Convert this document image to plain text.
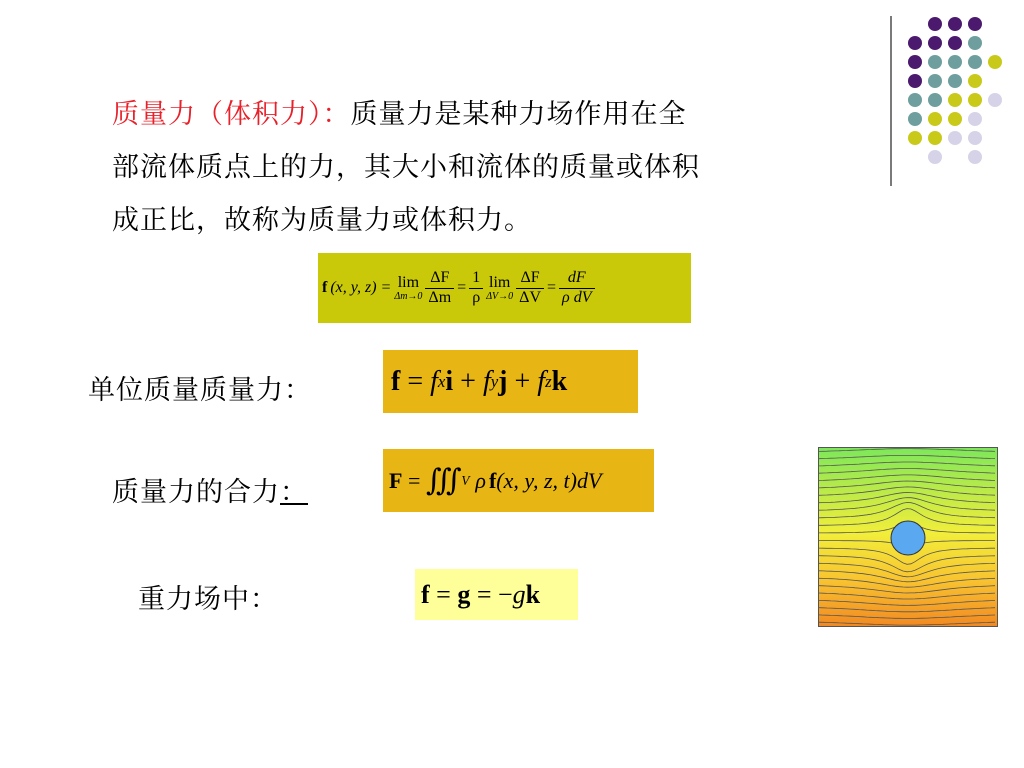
质量力（体积力）：质量力是某种力场作用在全
部流体质点上的力，其大小和流体的质量或体积
成正比，故称为质量力或体积力。
f (x, y, z) = lim
$\Delta m\to 0 \frac{\Delta F}{\Delta m} = \frac{1}{\rho}$ lim
$\Delta V\to 0 \frac{\Delta F}{\Delta V} = \frac{dF}{\text{ρ dV}}$
单位质量质量力：	f = f x i + f y j + f z k
质量力的合力：	F = ∭ V ρ f (x, y, z, t)dV
重力场中：	f = g = − g k
